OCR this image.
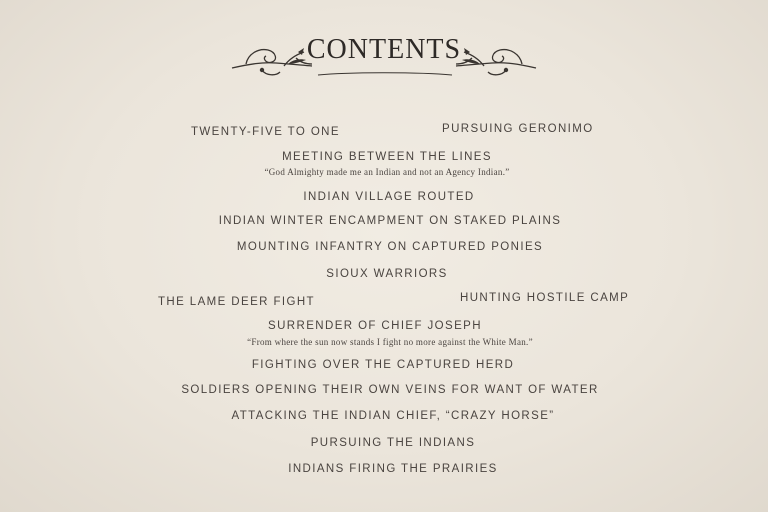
CONTENTS
TWENTY-FIVE TO ONE	PURSUING GERONIMO
MEETING BETWEEN THE LINES
“God Almighty made me an Indian and not an Agency Indian.”
INDIAN VILLAGE ROUTED
INDIAN WINTER ENCAMPMENT ON STAKED PLAINS
MOUNTING INFANTRY ON CAPTURED PONIES
SIOUX WARRIORS
THE LAME DEER FIGHT	HUNTING HOSTILE CAMP
SURRENDER OF CHIEF JOSEPH
“From where the sun now stands I fight no more against the White Man.”
FIGHTING OVER THE CAPTURED HERD
SOLDIERS OPENING THEIR OWN VEINS FOR WANT OF WATER
ATTACKING THE INDIAN CHIEF, “CRAZY HORSE”
PURSUING THE INDIANS
INDIANS FIRING THE PRAIRIES
